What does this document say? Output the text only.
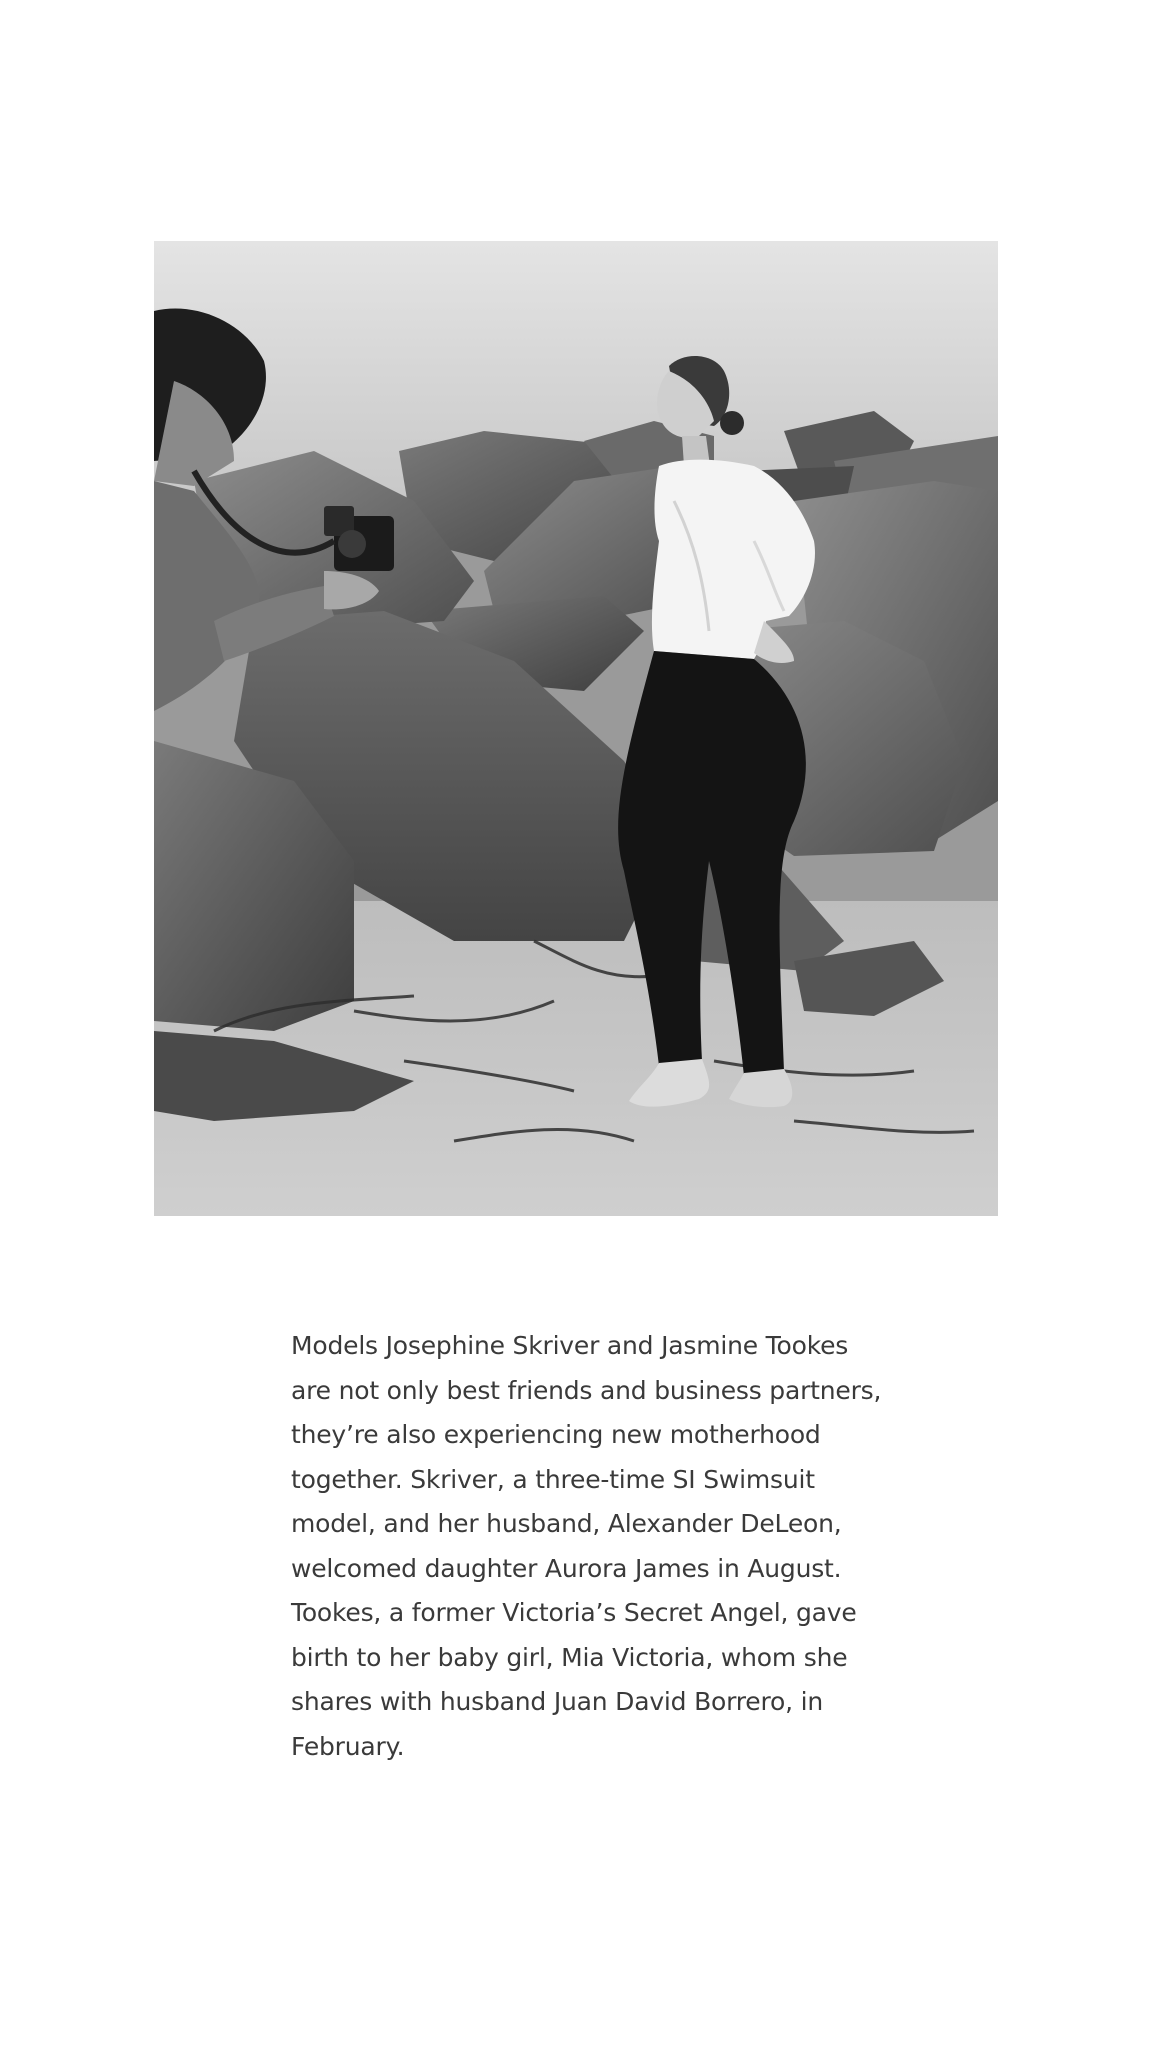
Models Josephine Skriver and Jasmine Tookes are not only best friends and business partners, they’re also experiencing new motherhood together. Skriver, a three-time SI Swimsuit model, and her husband, Alexander DeLeon, welcomed daughter Aurora James in August. Tookes, a former Victoria’s Secret Angel, gave birth to her baby girl, Mia Victoria, whom she shares with husband Juan David Borrero, in February.
